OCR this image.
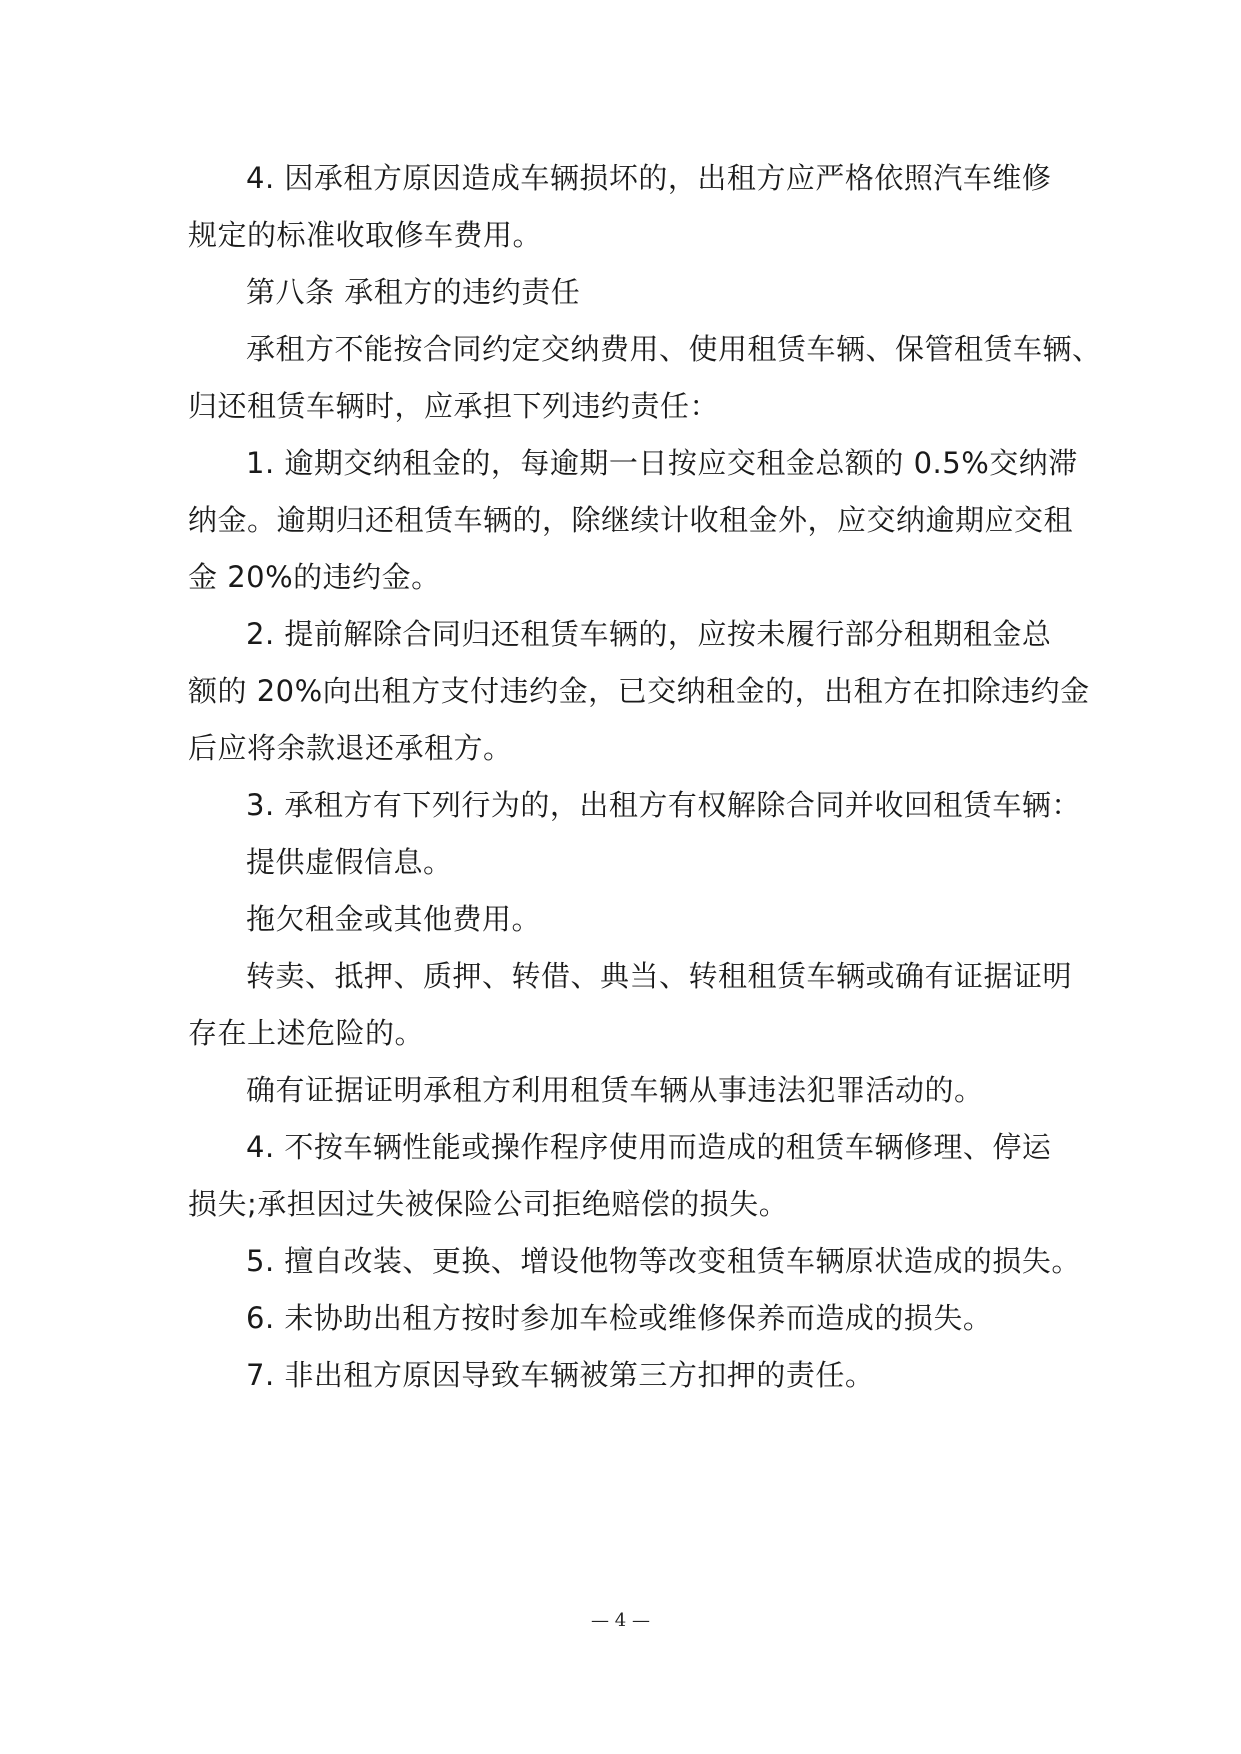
4. 因承租方原因造成车辆损坏的，出租方应严格依照汽车维修

规定的标准收取修车费用。

第八条 承租方的违约责任

承租方不能按合同约定交纳费用、使用租赁车辆、保管租赁车辆、

归还租赁车辆时，应承担下列违约责任：

1. 逾期交纳租金的，每逾期一日按应交租金总额的 0.5%交纳滞

纳金。逾期归还租赁车辆的，除继续计收租金外，应交纳逾期应交租

金 20%的违约金。

2. 提前解除合同归还租赁车辆的，应按未履行部分租期租金总

额的 20%向出租方支付违约金，已交纳租金的，出租方在扣除违约金

后应将余款退还承租方。

3. 承租方有下列行为的，出租方有权解除合同并收回租赁车辆：

提供虚假信息。

拖欠租金或其他费用。

转卖、抵押、质押、转借、典当、转租租赁车辆或确有证据证明

存在上述危险的。

确有证据证明承租方利用租赁车辆从事违法犯罪活动的。

4. 不按车辆性能或操作程序使用而造成的租赁车辆修理、停运

损失;承担因过失被保险公司拒绝赔偿的损失。

5. 擅自改装、更换、增设他物等改变租赁车辆原状造成的损失。

6. 未协助出租方按时参加车检或维修保养而造成的损失。

7. 非出租方原因导致车辆被第三方扣押的责任。

— 4 —
